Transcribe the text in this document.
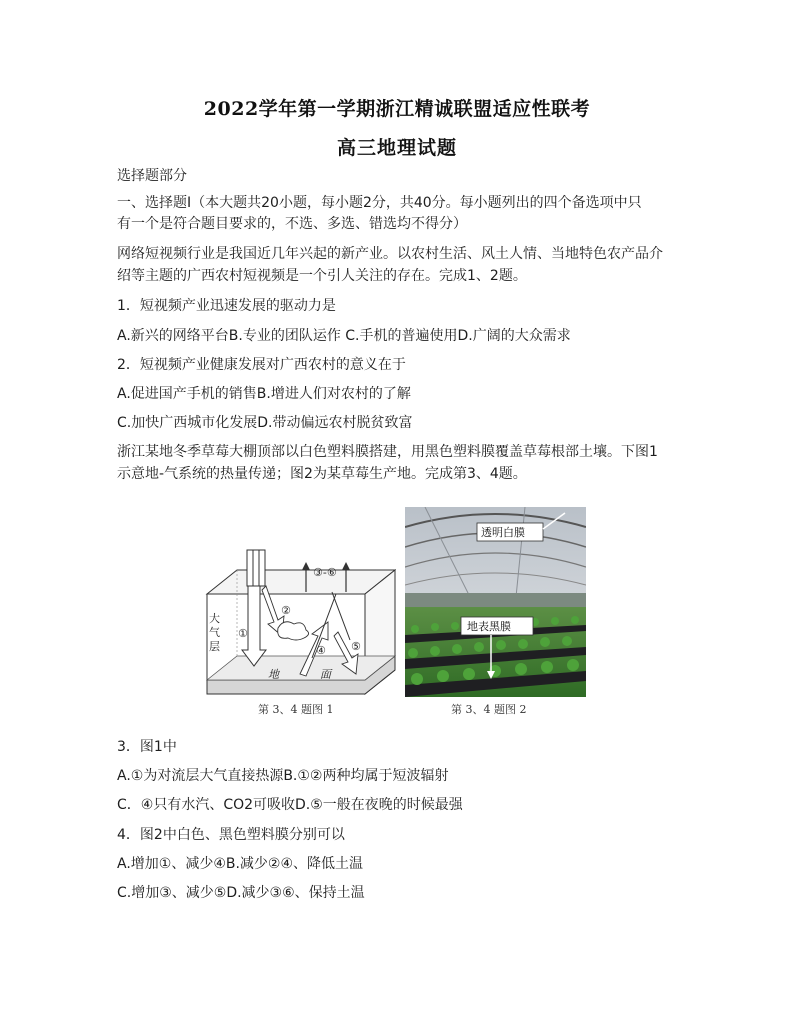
2022学年第一学期浙江精诚联盟适应性联考
高三地理试题
选择题部分
一、选择题Ⅰ（本大题共20小题，每小题2分，共40分。每小题列出的四个备选项中只
有一个是符合题目要求的，不选、多选、错选均不得分）
网络短视频行业是我国近几年兴起的新产业。以农村生活、风土人情、当地特色农产品介
绍等主题的广西农村短视频是一个引人关注的存在。完成1、2题。
1．短视频产业迅速发展的驱动力是
A.新兴的网络平台B.专业的团队运作 C.手机的普遍使用D.广阔的大众需求
2．短视频产业健康发展对广西农村的意义在于
A.促进国产手机的销售B.增进人们对农村的了解
C.加快广西城市化发展D.带动偏远农村脱贫致富
浙江某地冬季草莓大棚顶部以白色塑料膜搭建，用黑色塑料膜覆盖草莓根部土壤。下图1
示意地-气系统的热量传递；图2为某草莓生产地。完成第3、4题。
大
气
层
①
②
③-⑥
④ ⑤
地	面
第 3、4 题图 1
透明白膜
地表黑膜
第 3、4 题图 2
3．图1中
A.①为对流层大气直接热源B.①②两种均属于短波辐射
C．④只有水汽、CO2可吸收D.⑤一般在夜晚的时候最强
4．图2中白色、黑色塑料膜分别可以
A.增加①、减少④B.减少②④、降低土温
C.增加③、减少⑤D.减少③⑥、保持土温
